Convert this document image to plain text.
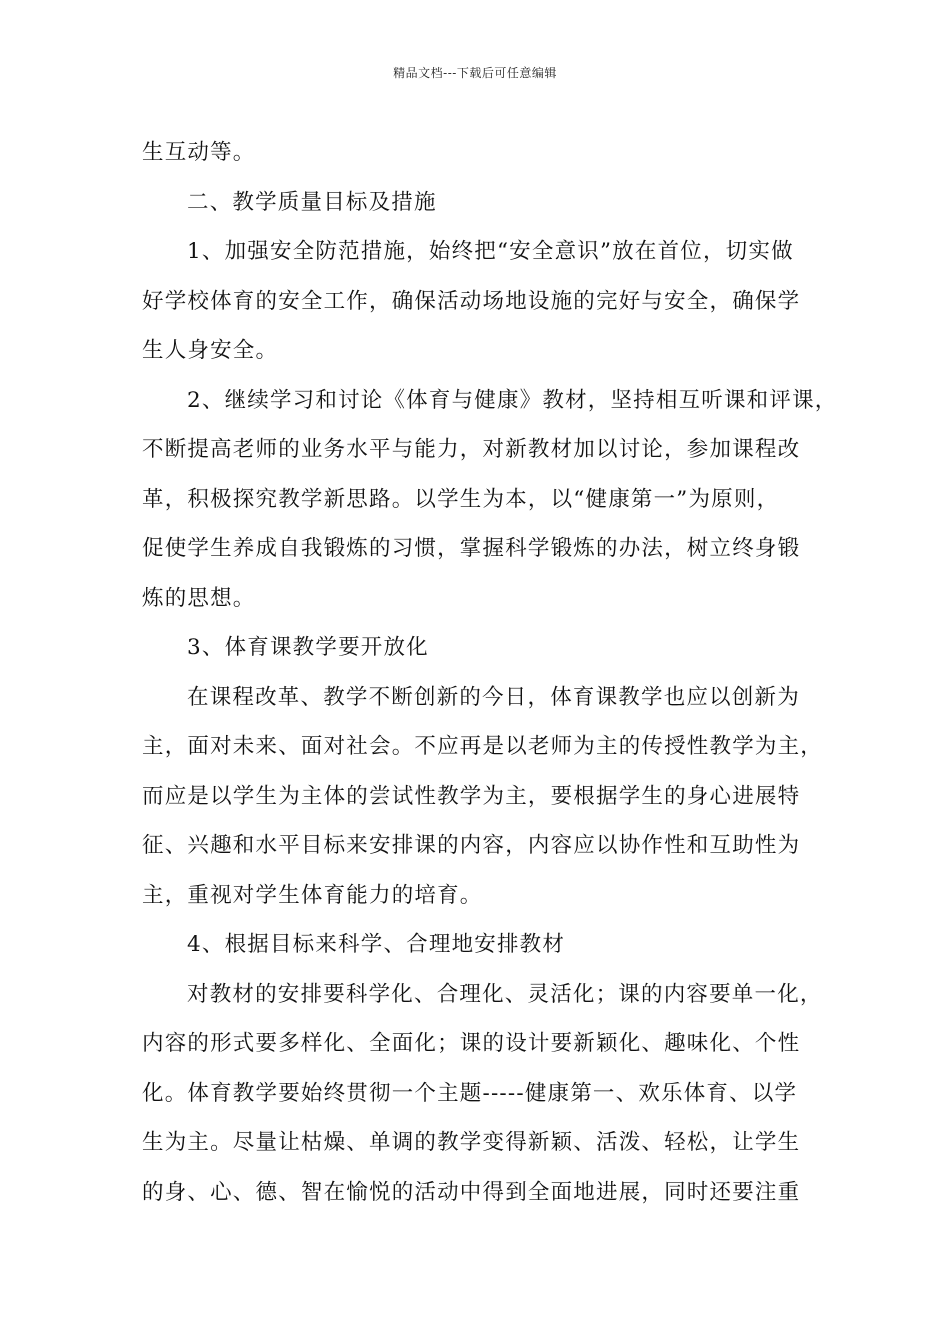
精品文档---下载后可任意编辑

生互动等。
二、教学质量目标及措施
1、加强安全防范措施，始终把“安全意识”放在首位，切实做
好学校体育的安全工作，确保活动场地设施的完好与安全，确保学
生人身安全。
2、继续学习和讨论《体育与健康》教材，坚持相互听课和评课，
不断提高老师的业务水平与能力，对新教材加以讨论，参加课程改
革，积极探究教学新思路。以学生为本，以“健康第一”为原则，
促使学生养成自我锻炼的习惯，掌握科学锻炼的办法，树立终身锻
炼的思想。
3、体育课教学要开放化
在课程改革、教学不断创新的今日，体育课教学也应以创新为
主，面对未来、面对社会。不应再是以老师为主的传授性教学为主，
而应是以学生为主体的尝试性教学为主，要根据学生的身心进展特
征、兴趣和水平目标来安排课的内容，内容应以协作性和互助性为
主，重视对学生体育能力的培育。
4、根据目标来科学、合理地安排教材
对教材的安排要科学化、合理化、灵活化；课的内容要单一化，
内容的形式要多样化、全面化；课的设计要新颖化、趣味化、个性
化。体育教学要始终贯彻一个主题-----健康第一、欢乐体育、以学
生为主。尽量让枯燥、单调的教学变得新颖、活泼、轻松，让学生
的身、心、德、智在愉悦的活动中得到全面地进展，同时还要注重
